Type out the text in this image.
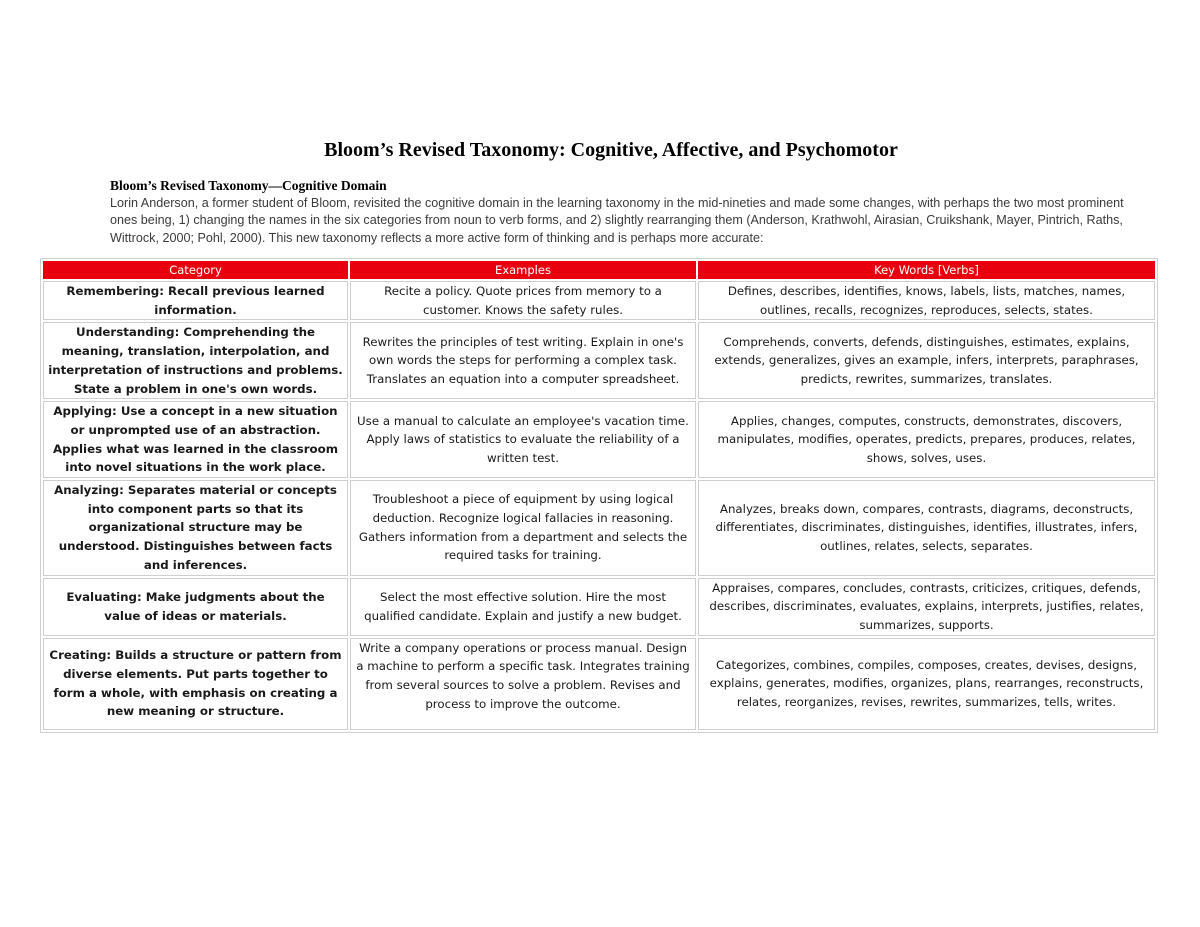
Bloom’s Revised Taxonomy: Cognitive, Affective, and Psychomotor
Bloom’s Revised Taxonomy—Cognitive Domain

Lorin Anderson, a former student of Bloom, revisited the cognitive domain in the learning taxonomy in the mid-nineties and made some changes, with perhaps the two most prominent ones being, 1) changing the names in the six categories from noun to verb forms, and 2) slightly rearranging them (Anderson, Krathwohl, Airasian, Cruikshank, Mayer, Pintrich, Raths, Wittrock, 2000; Pohl, 2000). This new taxonomy reflects a more active form of thinking and is perhaps more accurate:

Category	Examples	Key Words [Verbs]
Remembering: Recall previous learned information.	Recite a policy. Quote prices from memory to a customer. Knows the safety rules.	Defines, describes, identifies, knows, labels, lists, matches, names, outlines, recalls, recognizes, reproduces, selects, states.
Understanding: Comprehending the meaning, translation, interpolation, and interpretation of instructions and problems. State a problem in one's own words.	Rewrites the principles of test writing. Explain in one's own words the steps for performing a complex task. Translates an equation into a computer spreadsheet.	Comprehends, converts, defends, distinguishes, estimates, explains, extends, generalizes, gives an example, infers, interprets, paraphrases, predicts, rewrites, summarizes, translates.
Applying: Use a concept in a new situation or unprompted use of an abstraction. Applies what was learned in the classroom into novel situations in the work place.	Use a manual to calculate an employee's vacation time. Apply laws of statistics to evaluate the reliability of a written test.	Applies, changes, computes, constructs, demonstrates, discovers, manipulates, modifies, operates, predicts, prepares, produces, relates, shows, solves, uses.
Analyzing: Separates material or concepts into component parts so that its organizational structure may be understood. Distinguishes between facts and inferences.	Troubleshoot a piece of equipment by using logical deduction. Recognize logical fallacies in reasoning. Gathers information from a department and selects the required tasks for training.	Analyzes, breaks down, compares, contrasts, diagrams, deconstructs, differentiates, discriminates, distinguishes, identifies, illustrates, infers, outlines, relates, selects, separates.
Evaluating: Make judgments about the value of ideas or materials.	Select the most effective solution. Hire the most qualified candidate. Explain and justify a new budget.	Appraises, compares, concludes, contrasts, criticizes, critiques, defends, describes, discriminates, evaluates, explains, interprets, justifies, relates, summarizes, supports.
Creating: Builds a structure or pattern from diverse elements. Put parts together to form a whole, with emphasis on creating a new meaning or structure.	Write a company operations or process manual. Design a machine to perform a specific task. Integrates training from several sources to solve a problem. Revises and process to improve the outcome.	Categorizes, combines, compiles, composes, creates, devises, designs, explains, generates, modifies, organizes, plans, rearranges, reconstructs, relates, reorganizes, revises, rewrites, summarizes, tells, writes.
